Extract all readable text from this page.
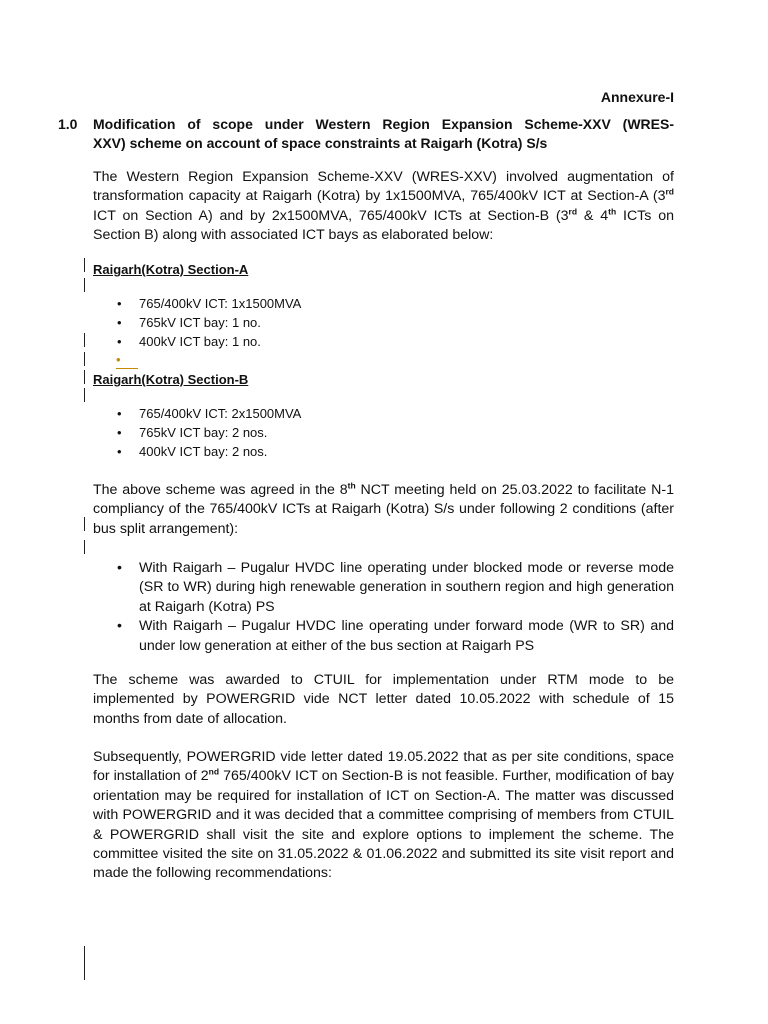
Annexure-I
1.0 Modification of scope under Western Region Expansion Scheme-XXV (WRES-
XXV) scheme on account of space constraints at Raigarh (Kotra) S/s
The Western Region Expansion Scheme-XXV (WRES-XXV) involved augmentation of transformation capacity at Raigarh (Kotra) by 1x1500MVA, 765/400kV ICT at Section-A (3rd ICT on Section A) and by 2x1500MVA, 765/400kV ICTs at Section-B (3rd & 4th ICTs on Section B) along with associated ICT bays as elaborated below:
Raigarh(Kotra) Section-A
• 765/400kV ICT: 1x1500MVA
• 765kV ICT bay: 1 no.
• 400kV ICT bay: 1 no.
•
Raigarh(Kotra) Section-B
• 765/400kV ICT: 2x1500MVA
• 765kV ICT bay: 2 nos.
• 400kV ICT bay: 2 nos.
The above scheme was agreed in the 8th NCT meeting held on 25.03.2022 to facilitate N-1 compliancy of the 765/400kV ICTs at Raigarh (Kotra) S/s under following 2 conditions (after bus split arrangement):
• With Raigarh – Pugalur HVDC line operating under blocked mode or reverse mode (SR to WR) during high renewable generation in southern region and high generation at Raigarh (Kotra) PS
• With Raigarh – Pugalur HVDC line operating under forward mode (WR to SR) and under low generation at either of the bus section at Raigarh PS
The scheme was awarded to CTUIL for implementation under RTM mode to be implemented by POWERGRID vide NCT letter dated 10.05.2022 with schedule of 15 months from date of allocation.
Subsequently, POWERGRID vide letter dated 19.05.2022 that as per site conditions, space for installation of 2nd 765/400kV ICT on Section-B is not feasible. Further, modification of bay orientation may be required for installation of ICT on Section-A. The matter was discussed with POWERGRID and it was decided that a committee comprising of members from CTUIL & POWERGRID shall visit the site and explore options to implement the scheme. The committee visited the site on 31.05.2022 & 01.06.2022 and submitted its site visit report and made the following recommendations:
